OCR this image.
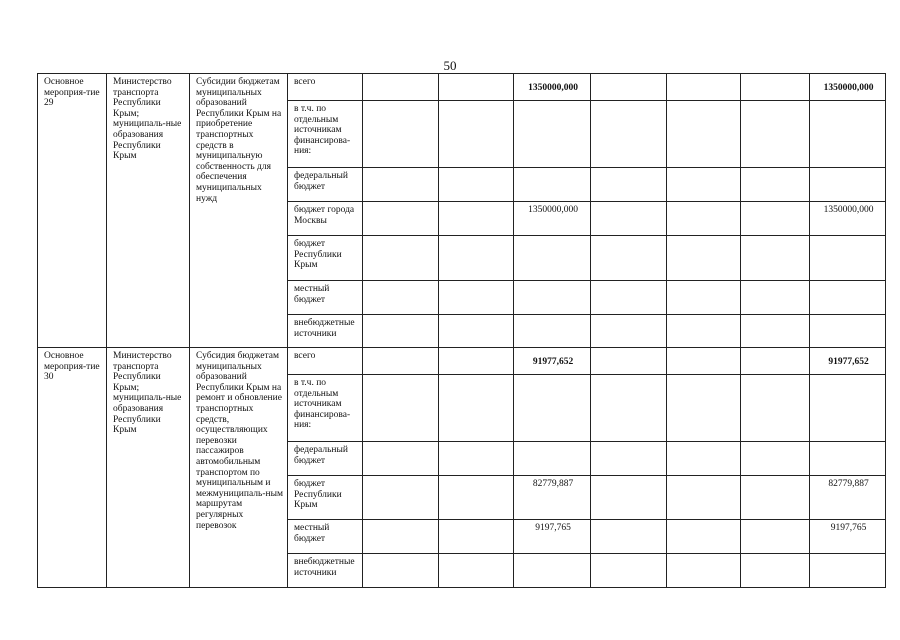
50
Основное мероприя-тие 29	Министерство транспорта Республики Крым; муниципаль-ные образования Республики Крым	Субсидии бюджетам муниципальных образований Республики Крым на приобретение транспортных средств в муниципальную собственность для обеспечения муниципальных нужд	всего			1350000,000				1350000,000
			в т.ч. по отдельным источникам финансирова-ния:							
			федеральный бюджет							
			бюджет города Москвы			1350000,000				1350000,000
			бюджет Республики Крым							
			местный бюджет							
			внебюджетные источники							
Основное мероприя-тие 30	Министерство транспорта Республики Крым; муниципаль-ные образования Республики Крым	Субсидия бюджетам муниципальных образований Республики Крым на ремонт и обновление транспортных средств, осуществляющих перевозки пассажиров автомобильным транспортом по муниципальным и межмуниципаль-ным маршрутам регулярных перевозок	всего			91977,652				91977,652
			в т.ч. по отдельным источникам финансирова-ния:							
			федеральный бюджет							
			бюджет Республики Крым			82779,887				82779,887
			местный бюджет			9197,765				9197,765
			внебюджетные источники							
